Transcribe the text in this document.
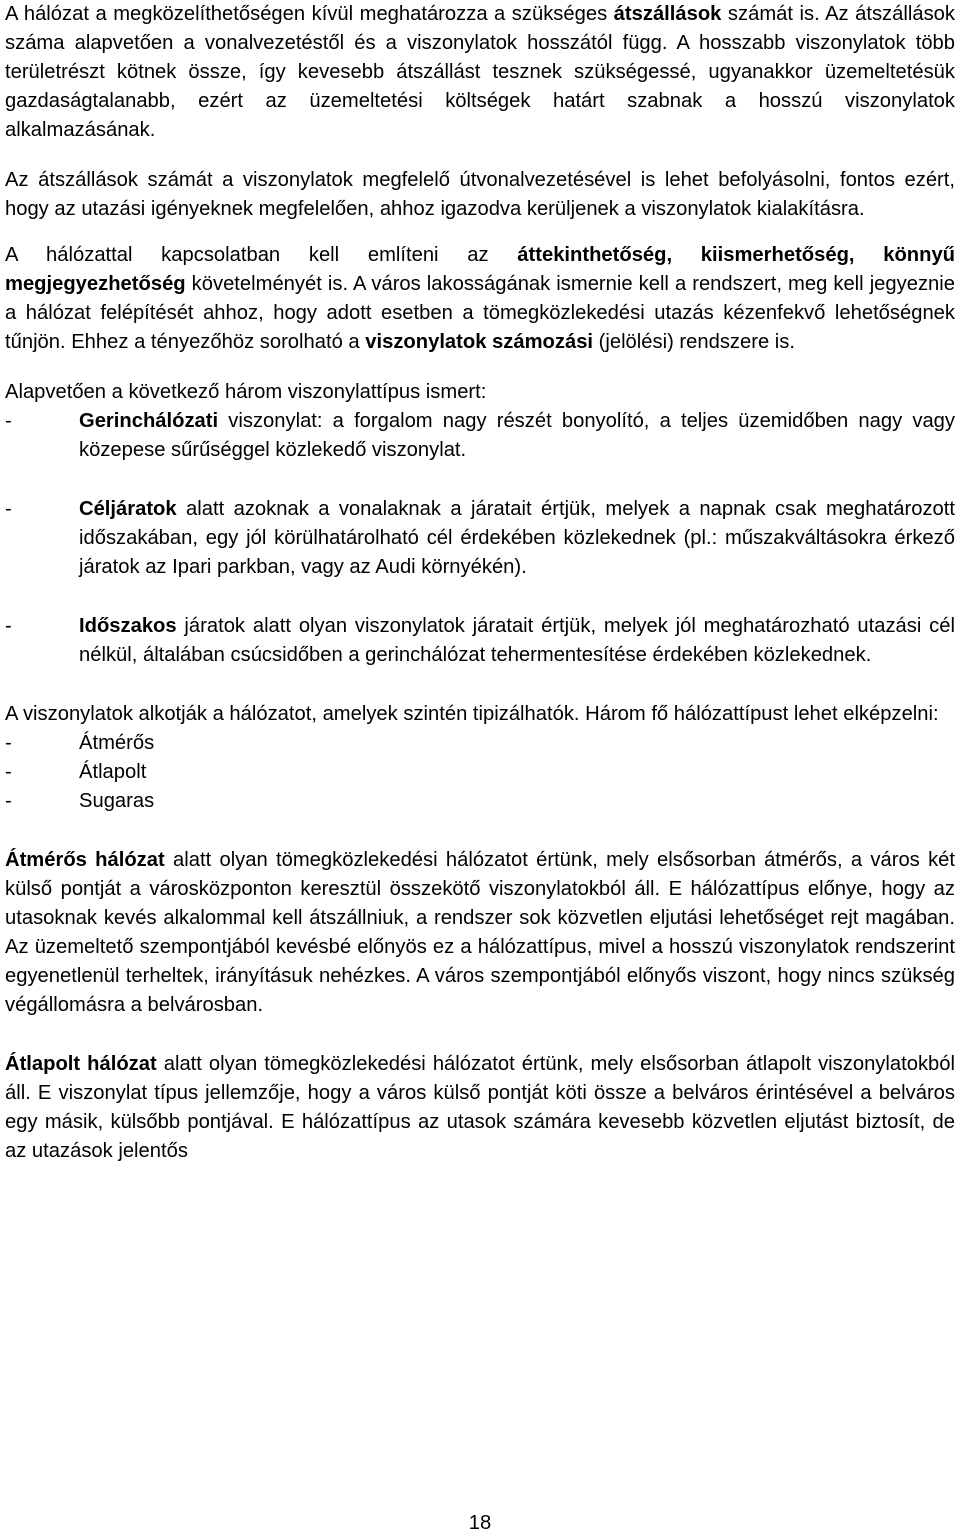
A hálózat a megközelíthetőségen kívül meghatározza a szükséges átszállások számát is. Az átszállások száma alapvetően a vonalvezetéstől és a viszonylatok hosszától függ. A hosszabb viszonylatok több területrészt kötnek össze, így kevesebb átszállást tesznek szükségessé, ugyanakkor üzemeltetésük gazdaságtalanabb, ezért az üzemeltetési költségek határt szabnak a hosszú viszonylatok alkalmazásának.

Az átszállások számát a viszonylatok megfelelő útvonalvezetésével is lehet befolyásolni, fontos ezért, hogy az utazási igényeknek megfelelően, ahhoz igazodva kerüljenek a viszonylatok kialakításra.

A hálózattal kapcsolatban kell említeni az áttekinthetőség, kiismerhetőség, könnyű megjegyezhetőség követelményét is. A város lakosságának ismernie kell a rendszert, meg kell jegyeznie a hálózat felépítését ahhoz, hogy adott esetben a tömegközlekedési utazás kézenfekvő lehetőségnek tűnjön. Ehhez a tényezőhöz sorolható a viszonylatok számozási (jelölési) rendszere is.

Alapvetően a következő három viszonylattípus ismert:

-	Gerinchálózati viszonylat: a forgalom nagy részét bonyolító, a teljes üzemidőben nagy vagy közepese sűrűséggel közlekedő viszonylat.
-	Céljáratok alatt azoknak a vonalaknak a járatait értjük, melyek a napnak csak meghatározott időszakában, egy jól körülhatárolható cél érdekében közlekednek (pl.: műszakváltásokra érkező járatok az Ipari parkban, vagy az Audi környékén).
-	Időszakos járatok alatt olyan viszonylatok járatait értjük, melyek jól meghatározható utazási cél nélkül, általában csúcsidőben a gerinchálózat tehermentesítése érdekében közlekednek.

A viszonylatok alkotják a hálózatot, amelyek szintén tipizálhatók. Három fő hálózattípust lehet elképzelni:

-	Átmérős
-	Átlapolt
-	Sugaras

Átmérős hálózat alatt olyan tömegközlekedési hálózatot értünk, mely elsősorban átmérős, a város két külső pontját a városközponton keresztül összekötő viszonylatokból áll. E hálózattípus előnye, hogy az utasoknak kevés alkalommal kell átszállniuk, a rendszer sok közvetlen eljutási lehetőséget rejt magában. Az üzemeltető szempontjából kevésbé előnyös ez a hálózattípus, mivel a hosszú viszonylatok rendszerint egyenetlenül terheltek, irányításuk nehézkes. A város szempontjából előnyős viszont, hogy nincs szükség végállomásra a belvárosban.

Átlapolt hálózat alatt olyan tömegközlekedési hálózatot értünk, mely elsősorban átlapolt viszonylatokból áll. E viszonylat típus jellemzője, hogy a város külső pontját köti össze a belváros érintésével a belváros egy másik, külsőbb pontjával. E hálózattípus az utasok számára kevesebb közvetlen eljutást biztosít, de az utazások jelentős

18
